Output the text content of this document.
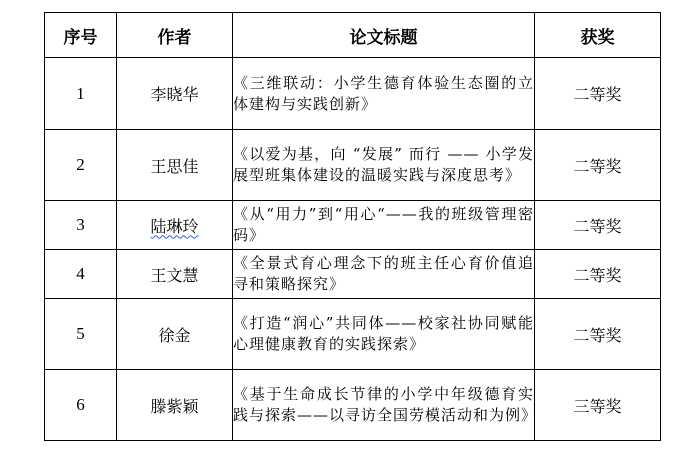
序号	作者	论文标题	获奖
1	李晓华	《三维联动：小学生德育体验生态圈的立体建构与实践创新》	二等奖
2	王思佳	《以爱为基，向 “发展” 而行 —— 小学发展型班集体建设的温暖实践与深度思考》	二等奖
3	陆琳玲	《从“用力”到“用心“——我的班级管理密码》	二等奖
4	王文慧	《全景式育心理念下的班主任心育价值追寻和策略探究》	二等奖
5	徐金	《打造“润心”共同体——校家社协同赋能心理健康教育的实践探索》	二等奖
6	滕紫颖	《基于生命成长节律的小学中年级德育实践与探索——以寻访全国劳模活动和为例》	三等奖
